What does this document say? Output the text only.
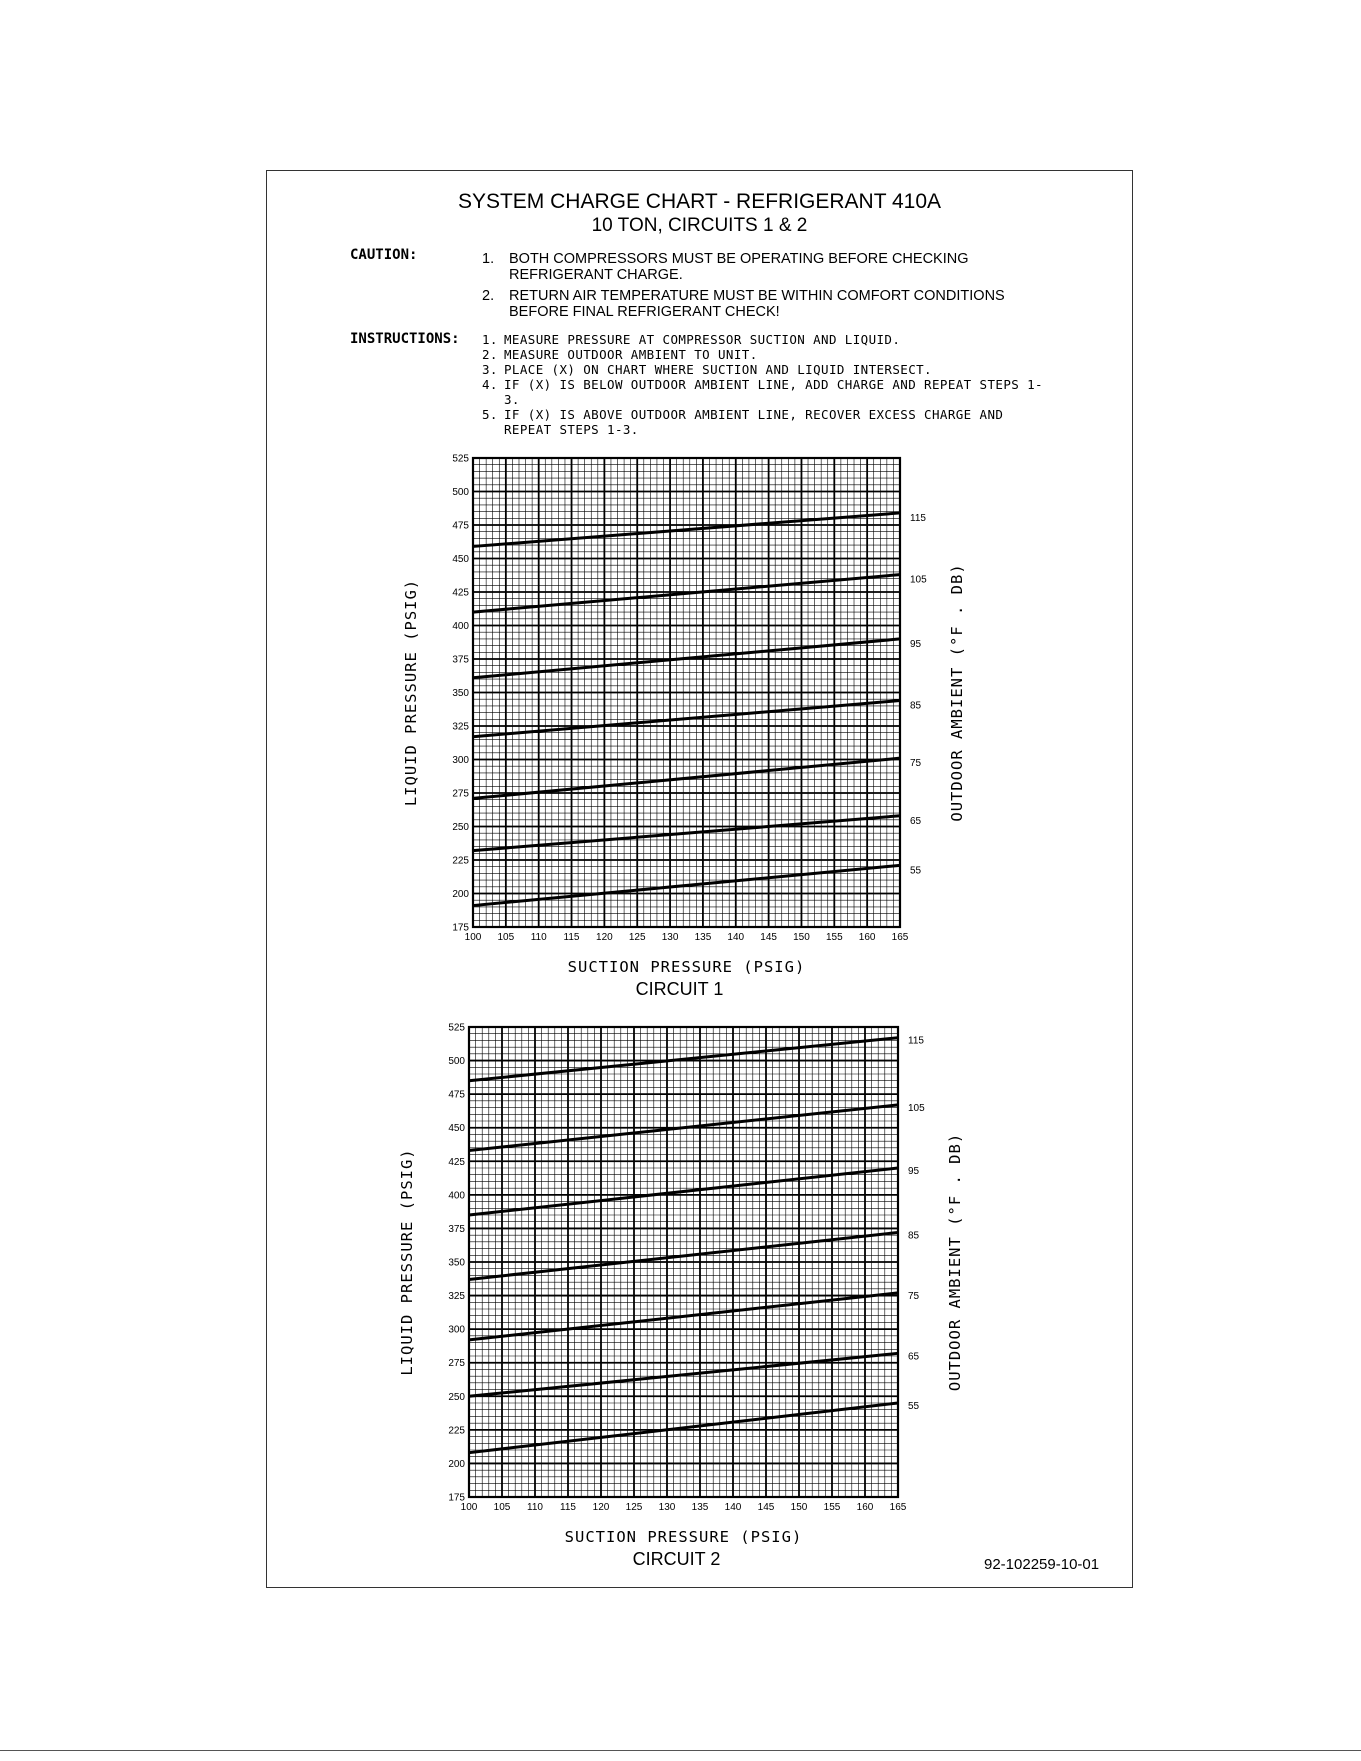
SYSTEM CHARGE CHART - REFRIGERANT 410A
10 TON, CIRCUITS 1 & 2
CAUTION:	1. BOTH COMPRESSORS MUST BE OPERATING BEFORE CHECKING REFRIGERANT CHARGE.
2. RETURN AIR TEMPERATURE MUST BE WITHIN COMFORT CONDITIONS BEFORE FINAL REFRIGERANT CHECK!
INSTRUCTIONS: 1. MEASURE PRESSURE AT COMPRESSOR SUCTION AND LIQUID.
2. MEASURE OUTDOOR AMBIENT TO UNIT.
3. PLACE (X) ON CHART WHERE SUCTION AND LIQUID INTERSECT.
4. IF (X) IS BELOW OUTDOOR AMBIENT LINE, ADD CHARGE AND REPEAT STEPS 1-3.
5. IF (X) IS ABOVE OUTDOOR AMBIENT LINE, RECOVER EXCESS CHARGE AND REPEAT STEPS 1-3.
175
200
225
250
275
300
325
350
375
400
425
450
475
500
525
100 105 110 115 120 125 130 135 140 145 150 155 160 165
115
105
95
85
75
65
55
LIQUID PRESSURE (PSIG)	OUTDOOR AMBIENT (°F . DB)
SUCTION PRESSURE (PSIG)
CIRCUIT 1
175
200
225
250
275
300
325
350
375
400
425
450
475
500
525
100 105 110 115 120 125 130 135 140 145 150 155 160 165
115
105
95
85
75
65
55
LIQUID PRESSURE (PSIG)	OUTDOOR AMBIENT (°F . DB)
SUCTION PRESSURE (PSIG)
CIRCUIT 2	92-102259-10-01
